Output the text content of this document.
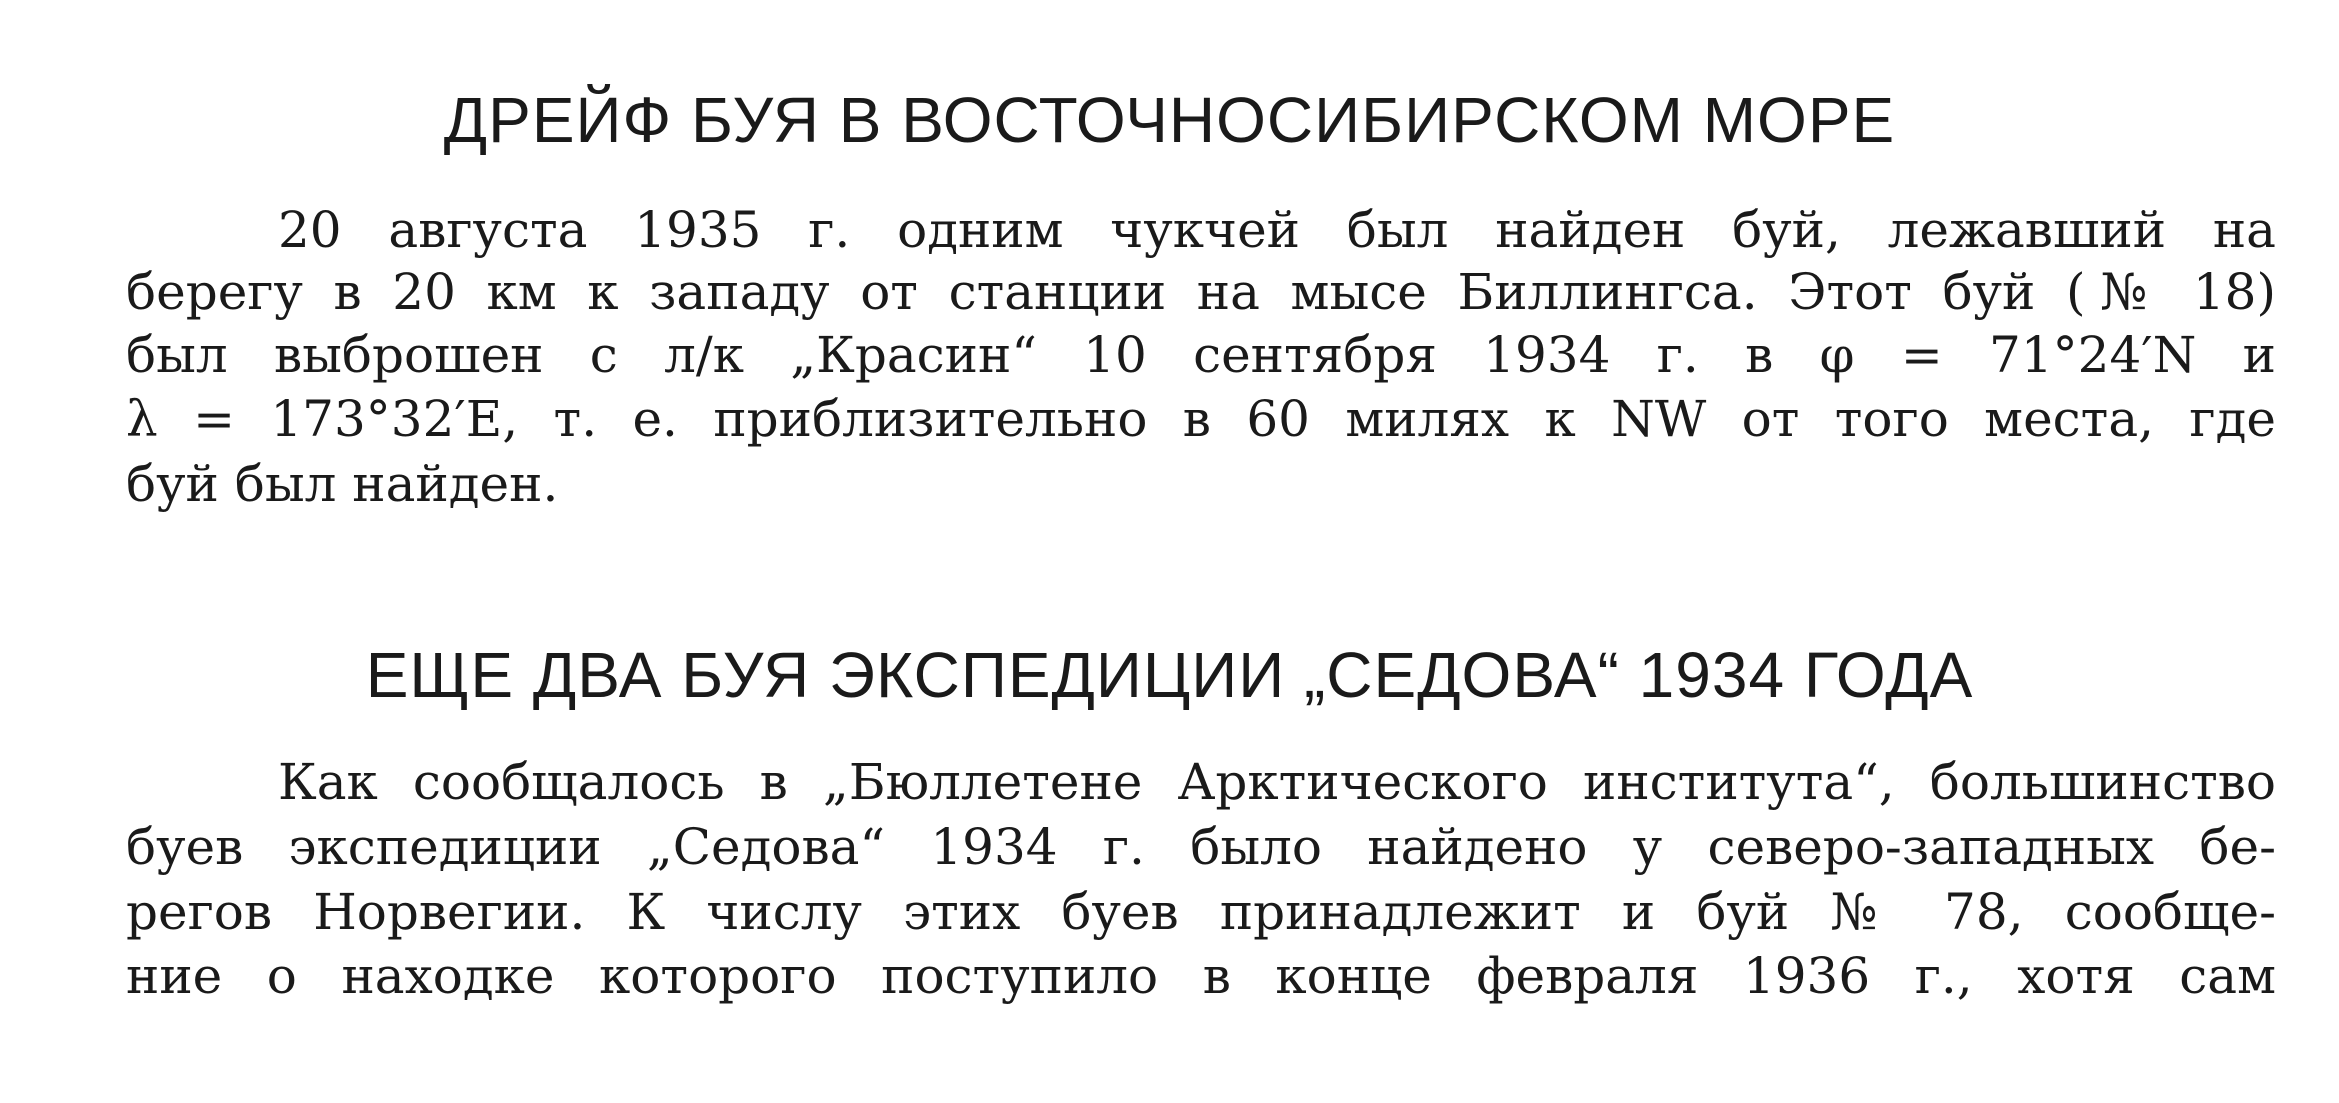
ДРЕЙФ БУЯ В ВОСТОЧНОСИБИРСКОМ МОРЕ
20 августа 1935 г. одним чукчей был найден буй, лежавший на
берегу в 20 км к западу от станции на мысе Биллингса. Этот буй (№ 18)
был выброшен с л/к „Красин“ 10 сентября 1934 г. в φ = 71°24′N и
λ = 173°32′E, т. е. приблизительно в 60 милях к NW от того места, где
буй был найден.
ЕЩЕ ДВА БУЯ ЭКСПЕДИЦИИ „СЕДОВА“ 1934 ГОДА
Как сообщалось в „Бюллетене Арктического института“, большинство
буев экспедиции „Седова“ 1934 г. было найдено у северо-западных бе-
регов Норвегии. К числу этих буев принадлежит и буй № 78, сообще-
ние о находке которого поступило в конце февраля 1936 г., хотя сам
